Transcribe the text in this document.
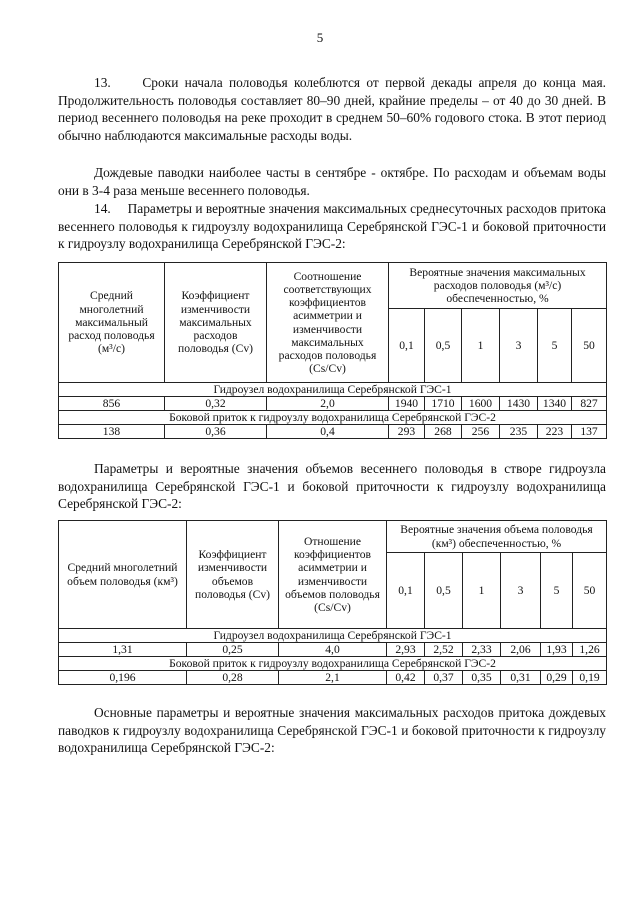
5

13.     Сроки начала половодья колеблются от первой декады апреля до конца мая. Продолжительность половодья составляет 80–90 дней, крайние пределы – от 40 до 30 дней. В период весеннего половодья на реке проходит в среднем 50–60% годового стока. В этот период обычно наблюдаются максимальные расходы воды.

Дождевые паводки наиболее часты в сентябре - октябре. По расходам и объемам воды они в 3-4 раза меньше весеннего половодья.

14.     Параметры и вероятные значения максимальных среднесуточных расходов притока весеннего половодья к гидроузлу водохранилища Серебрянской ГЭС-1 и боковой приточности к гидроузлу водохранилища Серебрянской ГЭС-2:

Средний многолетний максимальный расход половодья (м³/с)	Коэффициент изменчивости максимальных расходов половодья (Cv)	Соотношение соответствующих коэффициентов асимметрии и изменчивости максимальных расходов половодья (Cs/Cv)	Вероятные значения максимальных расходов половодья (м³/с) обеспеченностью, %					
			0,1	0,5	1	3	5	50
Гидроузел водохранилища Серебрянской ГЭС-1								
856	0,32	2,0	1940	1710	1600	1430	1340	827
Боковой приток к гидроузлу водохранилища Серебрянской ГЭС-2								
138	0,36	0,4	293	268	256	235	223	137

Параметры и вероятные значения объемов весеннего половодья в створе гидроузла водохранилища Серебрянской ГЭС-1 и боковой приточности к гидроузлу водохранилища Серебрянской ГЭС-2:

Средний многолетний объем половодья (км³)	Коэффициент изменчивости объемов половодья (Cv)	Отношение коэффициентов асимметрии и изменчивости объемов половодья (Cs/Cv)	Вероятные значения объема половодья (км³) обеспеченностью, %					
			0,1	0,5	1	3	5	50
Гидроузел водохранилища Серебрянской ГЭС-1								
1,31	0,25	4,0	2,93	2,52	2,33	2,06	1,93	1,26
Боковой приток к гидроузлу водохранилища Серебрянской ГЭС-2								
0,196	0,28	2,1	0,42	0,37	0,35	0,31	0,29	0,19

Основные параметры и вероятные значения максимальных расходов притока дождевых паводков к гидроузлу водохранилища Серебрянской ГЭС-1 и боковой приточности к гидроузлу водохранилища Серебрянской ГЭС-2:
